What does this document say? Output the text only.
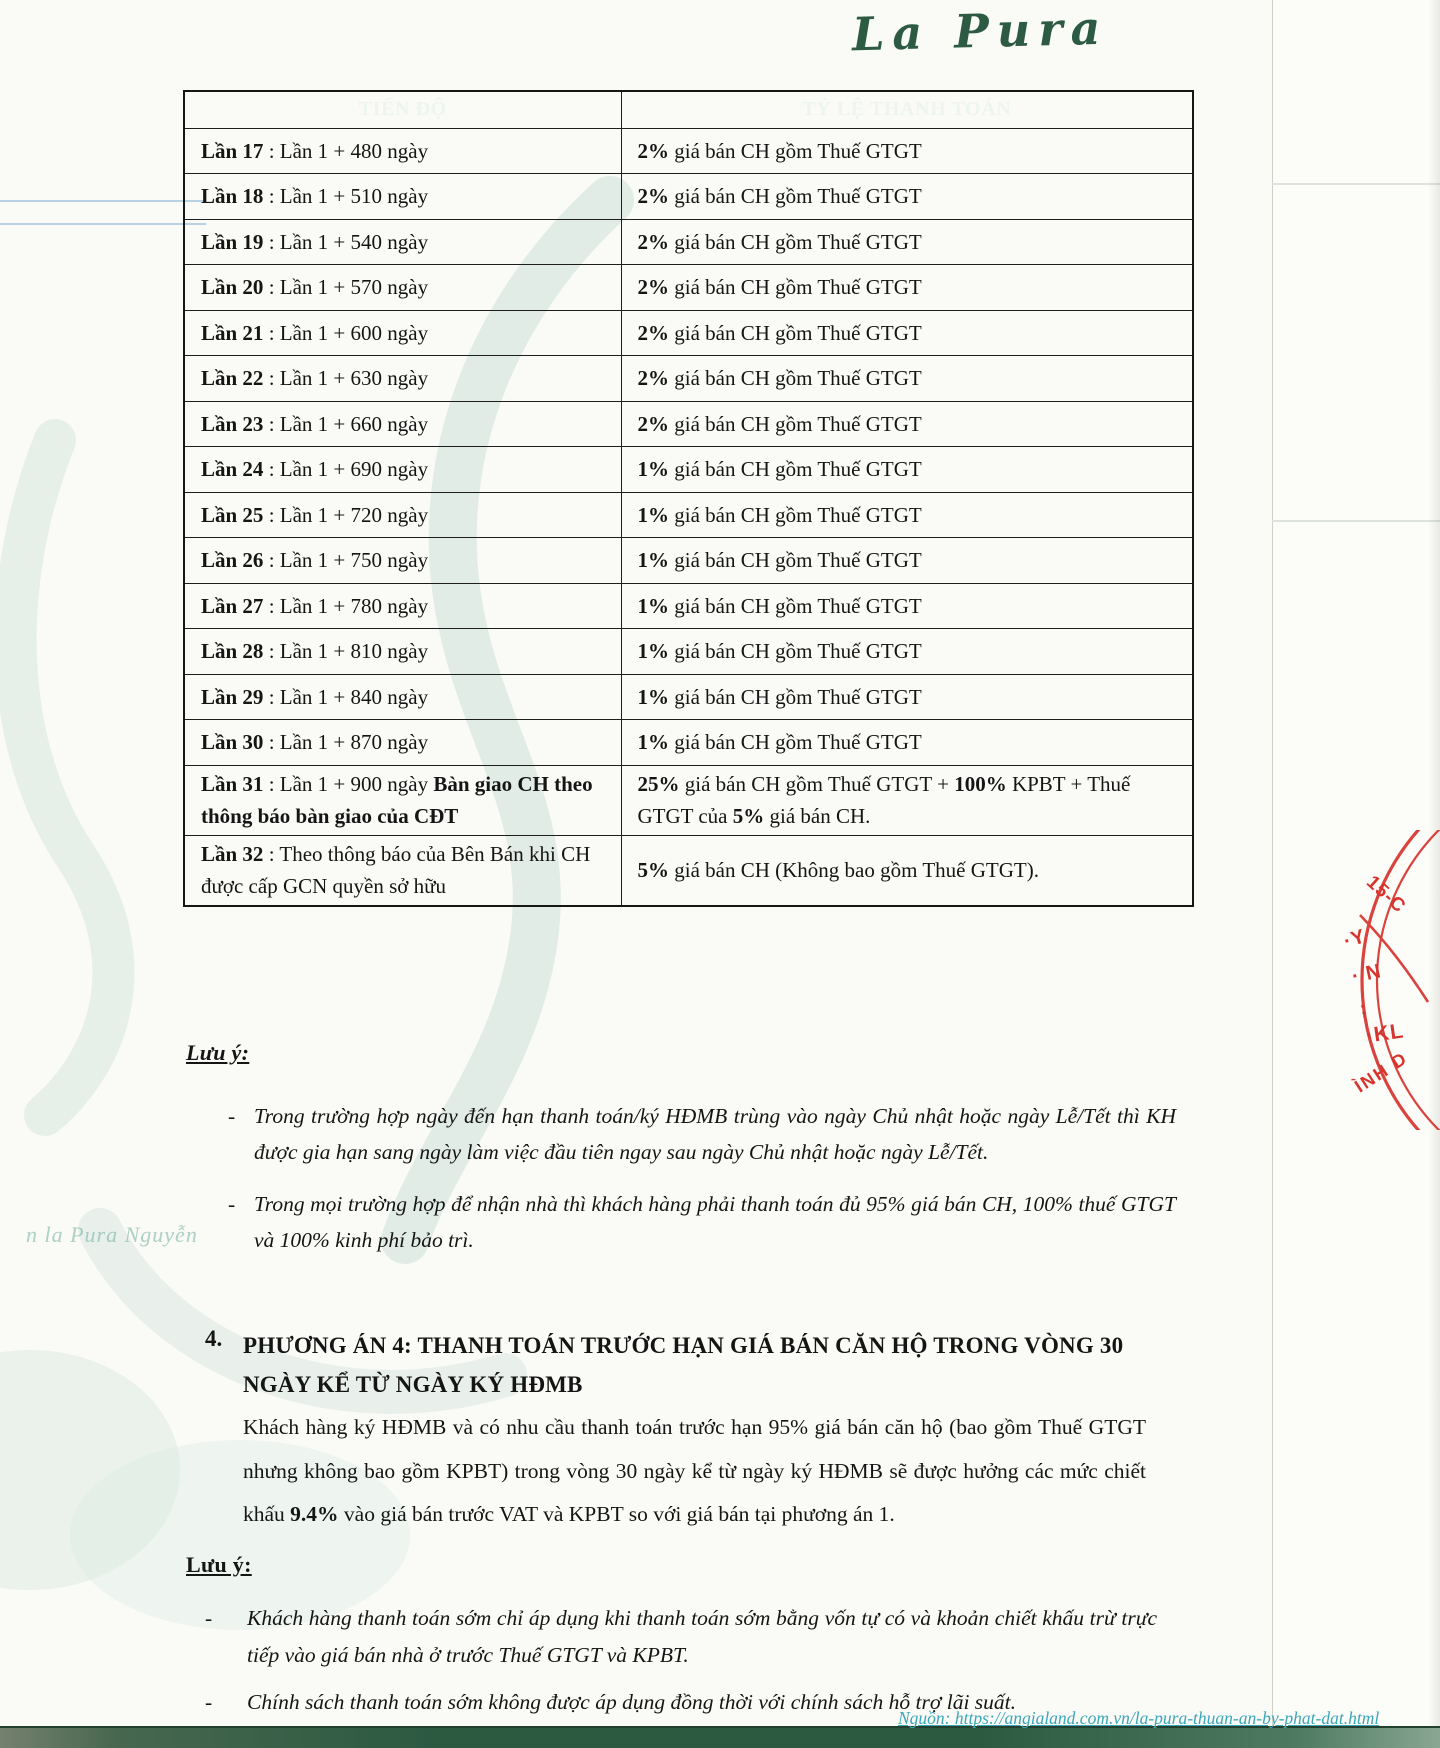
n la Pura Nguyễn
La Pura
TIẾN ĐỘ	TỶ LỆ THANH TOÁN
Lần 17 : Lần 1 + 480 ngày	2% giá bán CH gồm Thuế GTGT
Lần 18 : Lần 1 + 510 ngày	2% giá bán CH gồm Thuế GTGT
Lần 19 : Lần 1 + 540 ngày	2% giá bán CH gồm Thuế GTGT
Lần 20 : Lần 1 + 570 ngày	2% giá bán CH gồm Thuế GTGT
Lần 21 : Lần 1 + 600 ngày	2% giá bán CH gồm Thuế GTGT
Lần 22 : Lần 1 + 630 ngày	2% giá bán CH gồm Thuế GTGT
Lần 23 : Lần 1 + 660 ngày	2% giá bán CH gồm Thuế GTGT
Lần 24 : Lần 1 + 690 ngày	1% giá bán CH gồm Thuế GTGT
Lần 25 : Lần 1 + 720 ngày	1% giá bán CH gồm Thuế GTGT
Lần 26 : Lần 1 + 750 ngày	1% giá bán CH gồm Thuế GTGT
Lần 27 : Lần 1 + 780 ngày	1% giá bán CH gồm Thuế GTGT
Lần 28 : Lần 1 + 810 ngày	1% giá bán CH gồm Thuế GTGT
Lần 29 : Lần 1 + 840 ngày	1% giá bán CH gồm Thuế GTGT
Lần 30 : Lần 1 + 870 ngày	1% giá bán CH gồm Thuế GTGT
Lần 31 : Lần 1 + 900 ngày Bàn giao CH theo thông báo bàn giao của CĐT	25% giá bán CH gồm Thuế GTGT + 100% KPBT + Thuế GTGT của 5% giá bán CH.
Lần 32 : Theo thông báo của Bên Bán khi CH được cấp GCN quyền sở hữu	5% giá bán CH (Không bao gồm Thuế GTGT).
Lưu ý:
- Trong trường hợp ngày đến hạn thanh toán/ký HĐMB trùng vào ngày Chủ nhật hoặc ngày Lễ/Tết thì KH được gia hạn sang ngày làm việc đầu tiên ngay sau ngày Chủ nhật hoặc ngày Lễ/Tết.
- Trong mọi trường hợp để nhận nhà thì khách hàng phải thanh toán đủ 95% giá bán CH, 100% thuế GTGT và 100% kinh phí bảo trì.
4. PHƯƠNG ÁN 4: THANH TOÁN TRƯỚC HẠN GIÁ BÁN CĂN HỘ TRONG VÒNG 30 NGÀY KỂ TỪ NGÀY KÝ HĐMB
Khách hàng ký HĐMB và có nhu cầu thanh toán trước hạn 95% giá bán căn hộ (bao gồm Thuế GTGT nhưng không bao gồm KPBT) trong vòng 30 ngày kể từ ngày ký HĐMB sẽ được hưởng các mức chiết khấu 9.4% vào giá bán trước VAT và KPBT so với giá bán tại phương án 1.
Lưu ý:
- Khách hàng thanh toán sớm chỉ áp dụng khi thanh toán sớm bằng vốn tự có và khoản chiết khấu trừ trực tiếp vào giá bán nhà ở trước Thuế GTGT và KPBT.
- Chính sách thanh toán sớm không được áp dụng đồng thời với chính sách hỗ trợ lãi suất.
15-C
·Y
· N
;
·KL
ÌNH D
Nguồn: https://angialand.com.vn/la-pura-thuan-an-by-phat-dat.html
